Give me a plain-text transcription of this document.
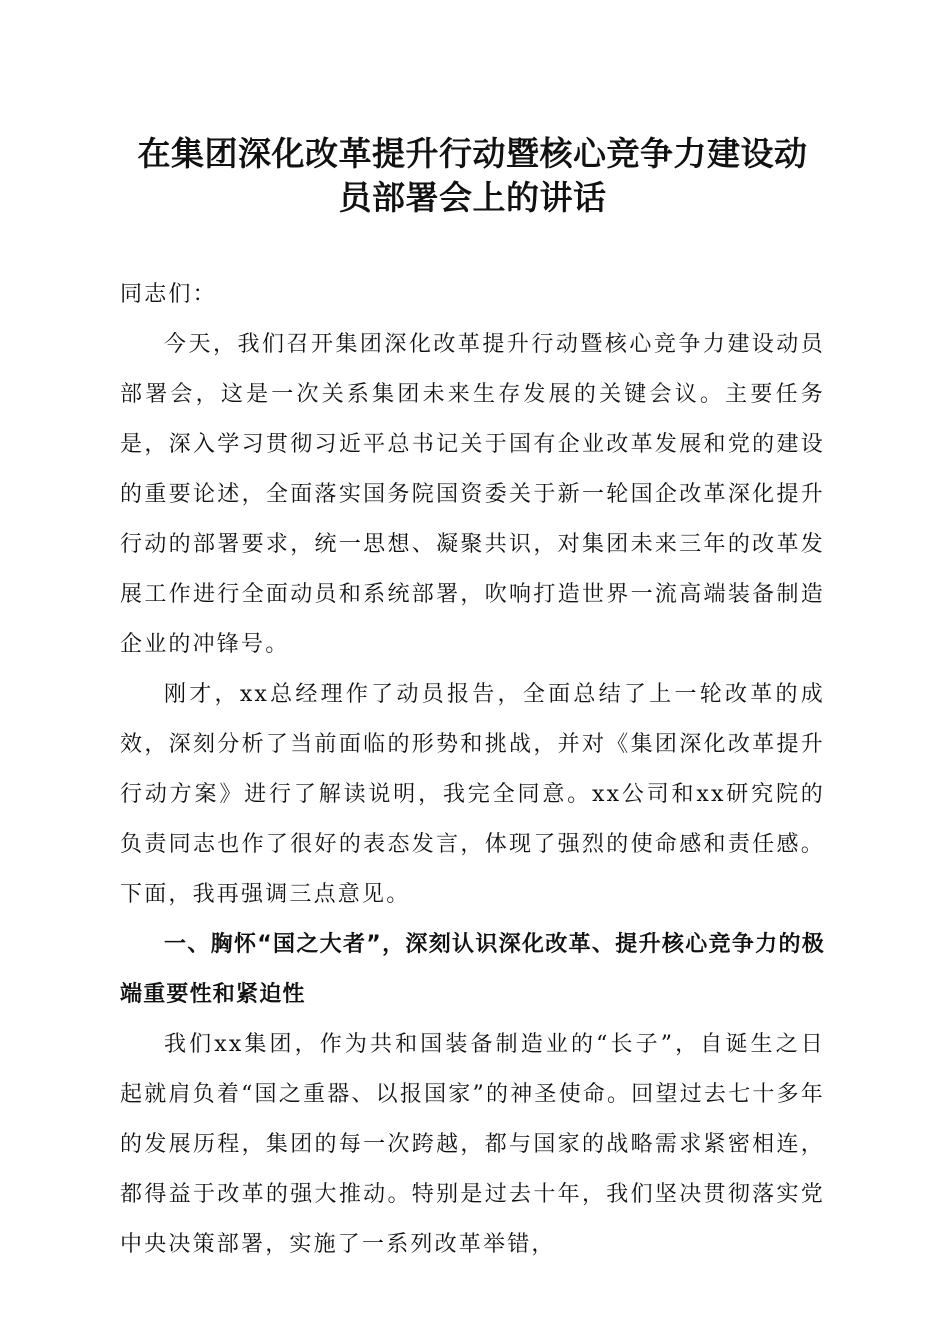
在集团深化改革提升行动暨核心竞争力建设动
员部署会上的讲话

同志们：

今天，我们召开集团深化改革提升行动暨核心竞争力建设动员部署会，这是一次关系集团未来生存发展的关键会议。主要任务是，深入学习贯彻习近平总书记关于国有企业改革发展和党的建设的重要论述，全面落实国务院国资委关于新一轮国企改革深化提升行动的部署要求，统一思想、凝聚共识，对集团未来三年的改革发展工作进行全面动员和系统部署，吹响打造世界一流高端装备制造企业的冲锋号。

刚才，xx总经理作了动员报告，全面总结了上一轮改革的成效，深刻分析了当前面临的形势和挑战，并对《集团深化改革提升行动方案》进行了解读说明，我完全同意。xx公司和xx研究院的负责同志也作了很好的表态发言，体现了强烈的使命感和责任感。下面，我再强调三点意见。

一、胸怀“国之大者”，深刻认识深化改革、提升核心竞争力的极端重要性和紧迫性

我们xx集团，作为共和国装备制造业的“长子”，自诞生之日起就肩负着“国之重器、以报国家”的神圣使命。回望过去七十多年的发展历程，集团的每一次跨越，都与国家的战略需求紧密相连，都得益于改革的强大推动。特别是过去十年，我们坚决贯彻落实党中央决策部署，实施了一系列改革举错，
